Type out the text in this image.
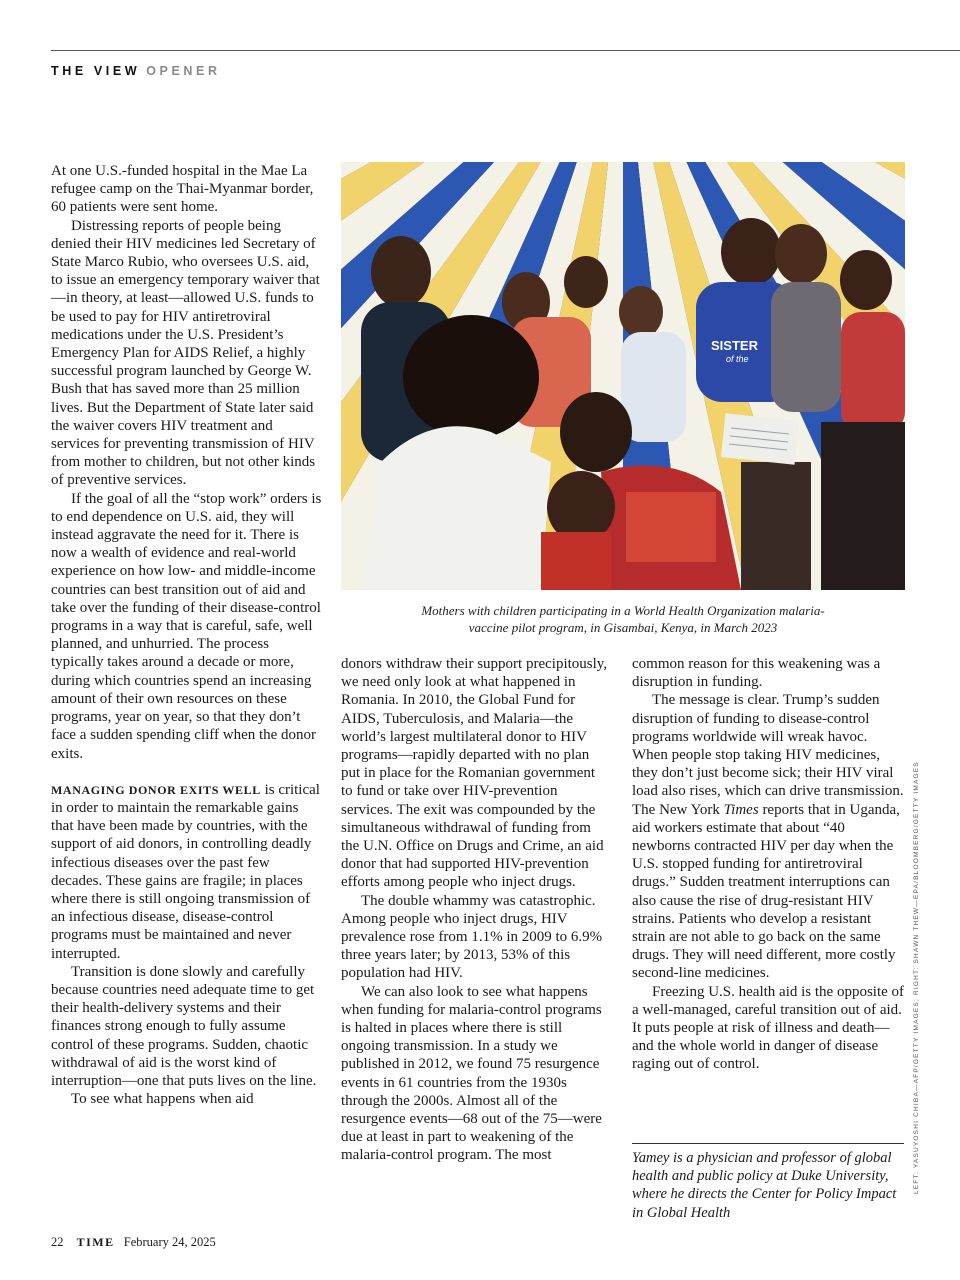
THE VIEW OPENER

At one U.S.-funded hospital in the Mae La refugee camp on the Thai-Myanmar border, 60 patients were sent home.

Distressing reports of people being denied their HIV medicines led Secretary of State Marco Rubio, who oversees U.S. aid, to issue an emergency temporary waiver that—in theory, at least—allowed U.S. funds to be used to pay for HIV antiretroviral medications under the U.S. President’s Emergency Plan for AIDS Relief, a highly successful program launched by George W. Bush that has saved more than 25 million lives. But the Department of State later said the waiver covers HIV treatment and services for preventing transmission of HIV from mother to children, but not other kinds of preventive services.

If the goal of all the “stop work” orders is to end dependence on U.S. aid, they will instead aggravate the need for it. There is now a wealth of evidence and real-world experience on how low- and middle-income countries can best transition out of aid and take over the funding of their disease-control programs in a way that is careful, safe, well planned, and unhurried. The process typically takes around a decade or more, during which countries spend an increasing amount of their own resources on these programs, year on year, so that they don’t face a sudden spending cliff when the donor exits.

MANAGING DONOR EXITS WELL is critical in order to maintain the remarkable gains that have been made by countries, with the support of aid donors, in controlling deadly infectious diseases over the past few decades. These gains are fragile; in places where there is still ongoing transmission of an infectious disease, disease-control programs must be maintained and never interrupted.

Transition is done slowly and carefully because countries need adequate time to get their health-delivery systems and their finances strong enough to fully assume control of these programs. Sudden, chaotic withdrawal of aid is the worst kind of interruption—one that puts lives on the line.

To see what happens when aid

SISTER
of the
Mothers with children participating in a World Health Organization malaria-
vaccine pilot program, in Gisambai, Kenya, in March 2023

donors withdraw their support precipitously, we need only look at what happened in Romania. In 2010, the Global Fund for AIDS, Tuberculosis, and Malaria—the world’s largest multilateral donor to HIV programs—rapidly departed with no plan put in place for the Romanian government to fund or take over HIV-prevention services. The exit was compounded by the simultaneous withdrawal of funding from the U.N. Office on Drugs and Crime, an aid donor that had supported HIV-prevention efforts among people who inject drugs.

The double whammy was catastrophic. Among people who inject drugs, HIV prevalence rose from 1.1% in 2009 to 6.9% three years later; by 2013, 53% of this population had HIV.

We can also look to see what happens when funding for malaria-control programs is halted in places where there is still ongoing transmission. In a study we published in 2012, we found 75 resurgence events in 61 countries from the 1930s through the 2000s. Almost all of the resurgence events—68 out of the 75—were due at least in part to weakening of the malaria-control program. The most

common reason for this weakening was a disruption in funding.

The message is clear. Trump’s sudden disruption of funding to disease-control programs worldwide will wreak havoc. When people stop taking HIV medicines, they don’t just become sick; their HIV viral load also rises, which can drive transmission. The New York Times reports that in Uganda, aid workers estimate that about “40 newborns contracted HIV per day when the U.S. stopped funding for antiretroviral drugs.” Sudden treatment interruptions can also cause the rise of drug-resistant HIV strains. Patients who develop a resistant strain are not able to go back on the same drugs. They will need different, more costly second-line medicines.

Freezing U.S. health aid is the opposite of a well-managed, careful transition out of aid. It puts people at risk of illness and death—and the whole world in danger of disease raging out of control.

Yamey is a physician and professor of global health and public policy at Duke University, where he directs the Center for Policy Impact in Global Health
LEFT: YASUYOSHI CHIBA—AFP/GETTY IMAGES; RIGHT: SHAWN THEW—EPA/BLOOMBERG/GETTY IMAGES
22 TIME February 24, 2025
